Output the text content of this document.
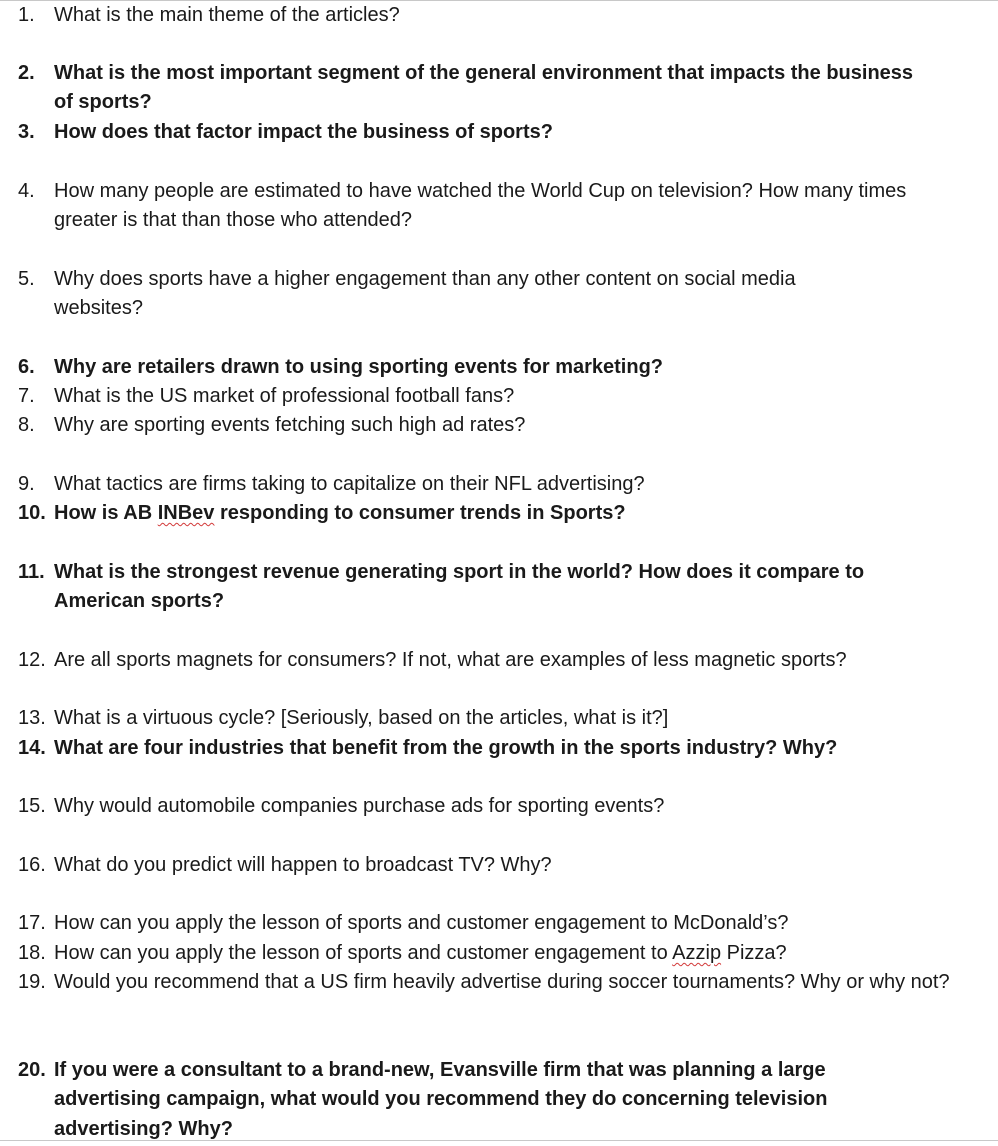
1. What is the main theme of the articles?
2. What is the most important segment of the general environment that impacts the business of sports?
3. How does that factor impact the business of sports?
4. How many people are estimated to have watched the World Cup on television? How many times greater is that than those who attended?
5. Why does sports have a higher engagement than any other content on social media websites?
6. Why are retailers drawn to using sporting events for marketing?
7. What is the US market of professional football fans?
8. Why are sporting events fetching such high ad rates?
9. What tactics are firms taking to capitalize on their NFL advertising?
10. How is AB INBev responding to consumer trends in Sports?
11. What is the strongest revenue generating sport in the world? How does it compare to American sports?
12. Are all sports magnets for consumers? If not, what are examples of less magnetic sports?
13. What is a virtuous cycle? [Seriously, based on the articles, what is it?]
14. What are four industries that benefit from the growth in the sports industry? Why?
15. Why would automobile companies purchase ads for sporting events?
16. What do you predict will happen to broadcast TV? Why?
17. How can you apply the lesson of sports and customer engagement to McDonald’s?
18. How can you apply the lesson of sports and customer engagement to Azzip Pizza?
19. Would you recommend that a US firm heavily advertise during soccer tournaments? Why or why not?
20. If you were a consultant to a brand-new, Evansville firm that was planning a large advertising campaign, what would you recommend they do concerning television advertising? Why?
